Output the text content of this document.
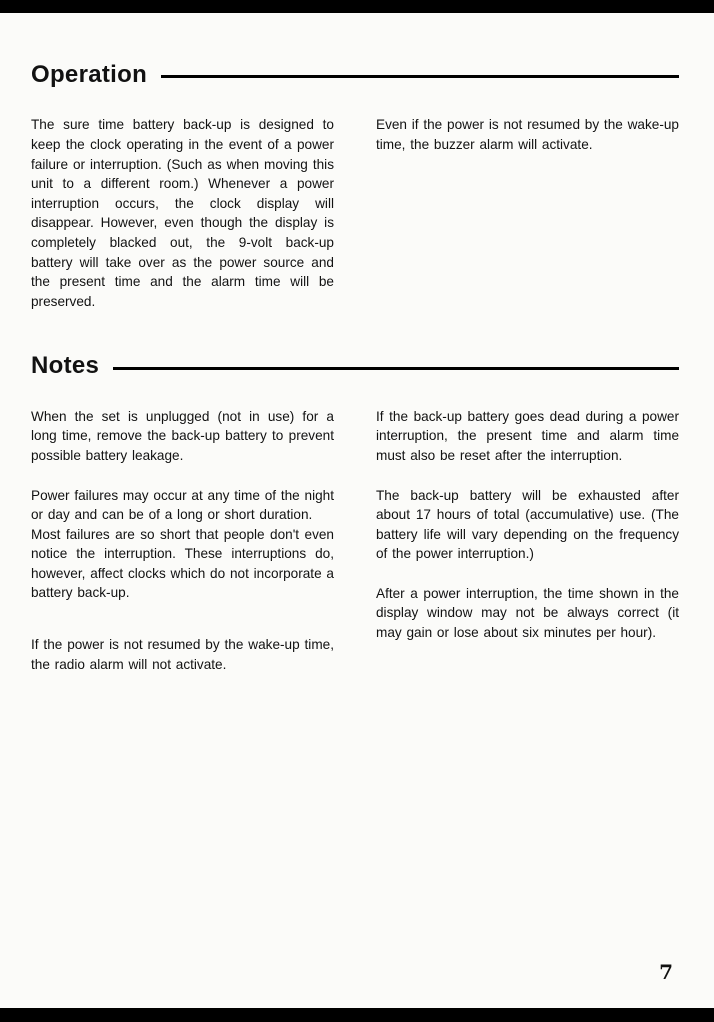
Operation

The sure time battery back-up is designed to keep the clock operating in the event of a power failure or interruption. (Such as when moving this unit to a different room.) Whenever a power interruption occurs, the clock display will disappear. However, even though the display is completely blacked out, the 9-volt back-up battery will take over as the power source and the present time and the alarm time will be preserved.

Even if the power is not resumed by the wake-up time, the buzzer alarm will activate.

Notes

When the set is unplugged (not in use) for a long time, remove the back-up battery to prevent possible battery leakage.

Power failures may occur at any time of the night or day and can be of a long or short duration.

Most failures are so short that people don't even notice the interruption. These interruptions do, however, affect clocks which do not incorporate a battery back-up.

If the power is not resumed by the wake-up time, the radio alarm will not activate.

If the back-up battery goes dead during a power interruption, the present time and alarm time must also be reset after the interruption.

The back-up battery will be exhausted after about 17 hours of total (accumulative) use. (The battery life will vary depending on the frequency of the power interruption.)

After a power interruption, the time shown in the display window may not be always correct (it may gain or lose about six minutes per hour).

7
